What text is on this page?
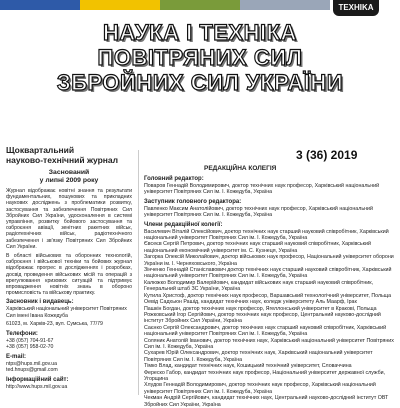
TEXHIKA
НАУКА І ТЕХНІКА
ПОВІТРЯНИХ СИЛ
ЗБРОЙНИХ СИЛ УКРАЇНИ
3 (36) 2019
Щоквартальний
науково-технічний журнал
Заснований
у липні 2009 року
Журнал відображає новітні знання та результати фундаментальних, пошукових та прикладних наукових досліджень з проблематики розвитку, застосування та забезпечення Повітряних Сил Збройних Сил України, удосконалення в системі управління, розвитку бойового застосування та озброєння авіації, зенітних ракетних військ, радіотехнічних військ, радіотехнічного забезпечення і зв'язку Повітряних Сил Збройних Сил України.
В області військових та оборонних технологій, озброєння і військової техніки та бойових журнал відображає прогрес в дослідженнях і розробках, досвід проведення військових місій та операцій з врегулювання кризових ситуацій та підтримує впровадження новітніх знань в обороно промисловість та військову практику.
Засновник і видавець:
Харківський національний університет Повітряних Сил імені Івана Кожедуба
61023, м. Харків-23, вул. Сумська, 77/79
Телефони:
+38 (057) 704-91-67
+38 (057) 958-02-70
E-mail:
ntps@hups.mil.gov.ua
ted.hnups@gmail.com
Інформаційний сайт:
http://www.hups.mil.gov.ua
РЕДАКЦІЙНА КОЛЕГІЯ
Головний редактор:
Поваров Геннадій Володимирович, доктор технічних наук професор, Харківський національний університет Повітряних Сил ім. І. Кожедуба, Україна
Заступник головного редактора:
Павленко Максим Анатолійович, доктор технічних наук професор, Харківський національний університет Повітряних Сил ім. І. Кожедуба, Україна
Члени редакційної колегії:
Василевич Віталій Олексійович, доктор технічних наук старший науковий співробітник, Харківський національний університет Повітряних Сил ім. І. Кожедуба, Україна
Євсеєв Сергій Петрович, доктор технічних наук старший науковий співробітник, Харківський національний економічний університет ім. С. Кузнеця, Україна
Загорка Олексій Миколайович, доктор військових наук професор, Національний університет оборони України ім. І. Черняховського, Україна
Зінченко Геннадій Станіславович доктор технічних наук старший науковий співробітник, Харківський національний університет Повітряних Сил ім. І. Кожедуба, Україна
Калюжко Володимир Валерійович, кандидат військових наук старший науковий співробітник, Генеральний штаб ЗС України, Україна
Кутила Христоф, доктор технічних наук професор, Варшавський технологічний університет, Польща
Оевід Садхьюн Рашід, кандидат технічних наук, коледж університету Аль Маарф, Ірак
Пашкін Богдан, доктор технічних наук професор, Ягеллонський університет в Кракові, Польща
Рожковський Ігор Сергійович, доктор технічних наук професор, Центральний науково-дослідний інститут Збройних Сил України, Україна
Саєнко Сергій Олександрович, доктор технічних наук старший науковий співробітник, Харківський національний університет Повітряних Сил ім. І. Кожедуба, Україна
Соляник Анатолій Іванович, доктор технічних наук, Харківський національний університет Повітряних Сил ім. І. Кожедуба, Україна
Сухарев Юрій Олександрович, доктор технічних наук, Харківський національний університет Повітряних Сил ім. І. Кожедуба, Україна
Тімко Влад, кандидат технічних наук, Кошицький технічний університет, Словаччина
Фереско Габор, кандидат технічних наук професор, Національний університет державної служби, Угорщина
Хлудов Геннадій Володимирович, доктор технічних наук професор, Харківський національний університет Повітряних Сил ім. І. Кожедуба, Україна
Чекман Андрій Сергійович, кандидат технічних наук, Центральний науково-дослідний інститут ОВТ Збройних Сил України, Україна
